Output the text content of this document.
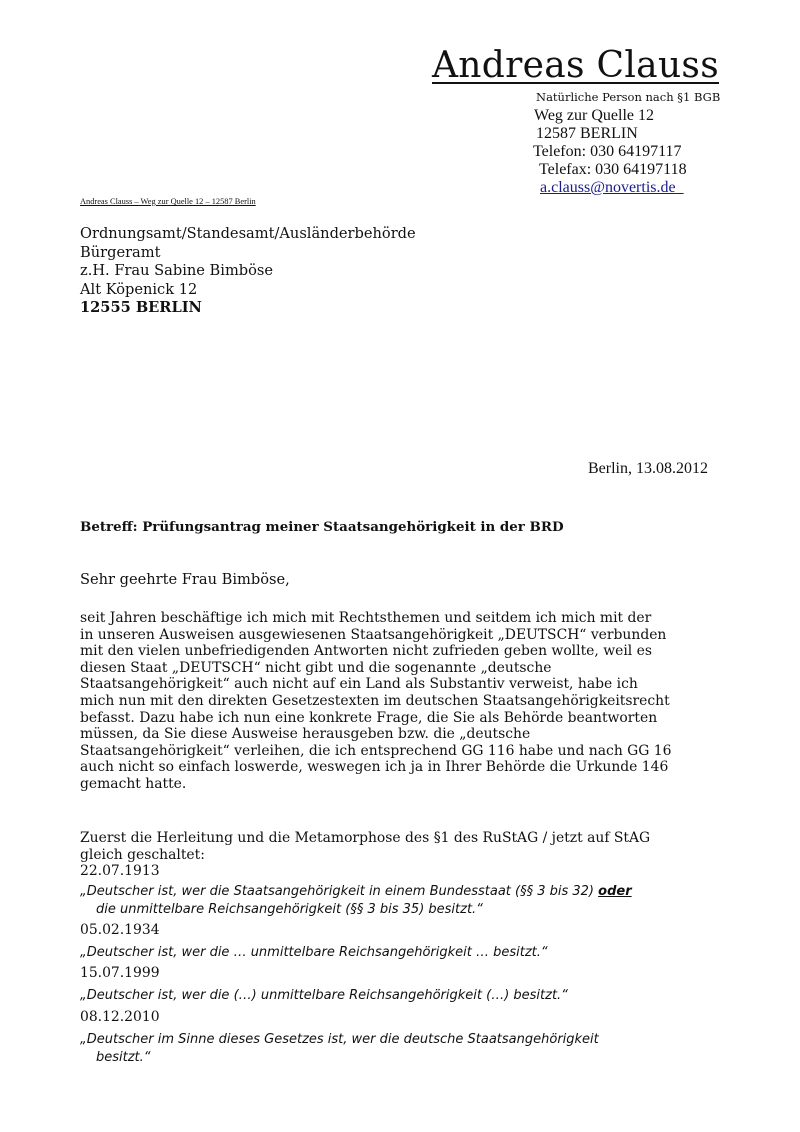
Andreas Clauss
Natürliche Person nach §1 BGB
Weg zur Quelle 12
12587 BERLIN
Telefon: 030 64197117
Telefax: 030 64197118
a.clauss@novertis.de
Andreas Clauss – Weg zur Quelle 12 – 12587 Berlin
Ordnungsamt/Standesamt/Ausländerbehörde
Bürgeramt
z.H. Frau Sabine Bimböse
Alt Köpenick 12
12555 BERLIN
Berlin, 13.08.2012
Betreff: Prüfungsantrag meiner Staatsangehörigkeit in der BRD
Sehr geehrte Frau Bimböse,
seit Jahren beschäftige ich mich mit Rechtsthemen und seitdem ich mich mit der
in unseren Ausweisen ausgewiesenen Staatsangehörigkeit „DEUTSCH“ verbunden
mit den vielen unbefriedigenden Antworten nicht zufrieden geben wollte, weil es
diesen Staat „DEUTSCH“ nicht gibt und die sogenannte „deutsche
Staatsangehörigkeit“ auch nicht auf ein Land als Substantiv verweist, habe ich
mich nun mit den direkten Gesetzestexten im deutschen Staatsangehörigkeitsrecht
befasst. Dazu habe ich nun eine konkrete Frage, die Sie als Behörde beantworten
müssen, da Sie diese Ausweise herausgeben bzw. die „deutsche
Staatsangehörigkeit“ verleihen, die ich entsprechend GG 116 habe und nach GG 16
auch nicht so einfach loswerde, weswegen ich ja in Ihrer Behörde die Urkunde 146
gemacht hatte.
Zuerst die Herleitung und die Metamorphose des §1 des RuStAG / jetzt auf StAG
gleich geschaltet:
22.07.1913
„Deutscher ist, wer die Staatsangehörigkeit in einem Bundesstaat (§§ 3 bis 32) oder
die unmittelbare Reichsangehörigkeit (§§ 3 bis 35) besitzt.“
05.02.1934
„Deutscher ist, wer die … unmittelbare Reichsangehörigkeit … besitzt.“
15.07.1999
„Deutscher ist, wer die (…) unmittelbare Reichsangehörigkeit (…) besitzt.“
08.12.2010
„Deutscher im Sinne dieses Gesetzes ist, wer die deutsche Staatsangehörigkeit
besitzt.“
